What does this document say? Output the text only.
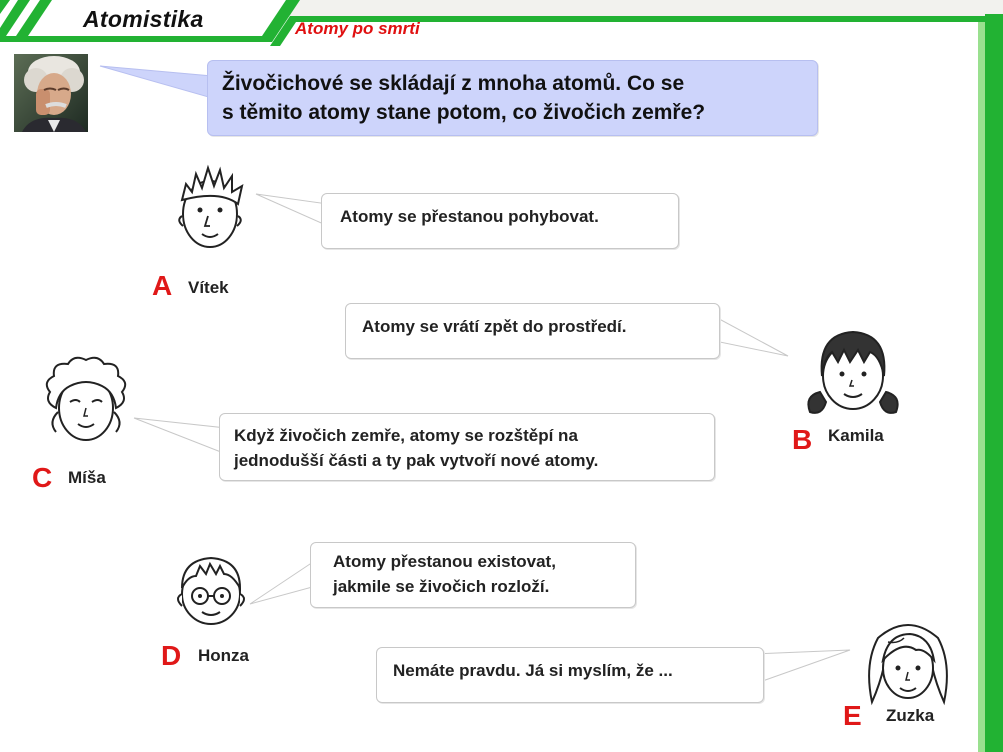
Atomistika	Atomy po smrti
Živočichové se skládají z mnoha atomů. Co se
s těmito atomy stane potom, co živočich zemře?
Atomy se přestanou pohybovat.
A Vítek
Atomy se vrátí zpět do prostředí.
B Kamila
Když živočich zemře, atomy se rozštěpí na
jednodušší části a ty pak vytvoří nové atomy.
C Míša
Atomy přestanou existovat,
jakmile se živočich rozloží.
D Honza
Nemáte pravdu. Já si myslím, že ...
E Zuzka
